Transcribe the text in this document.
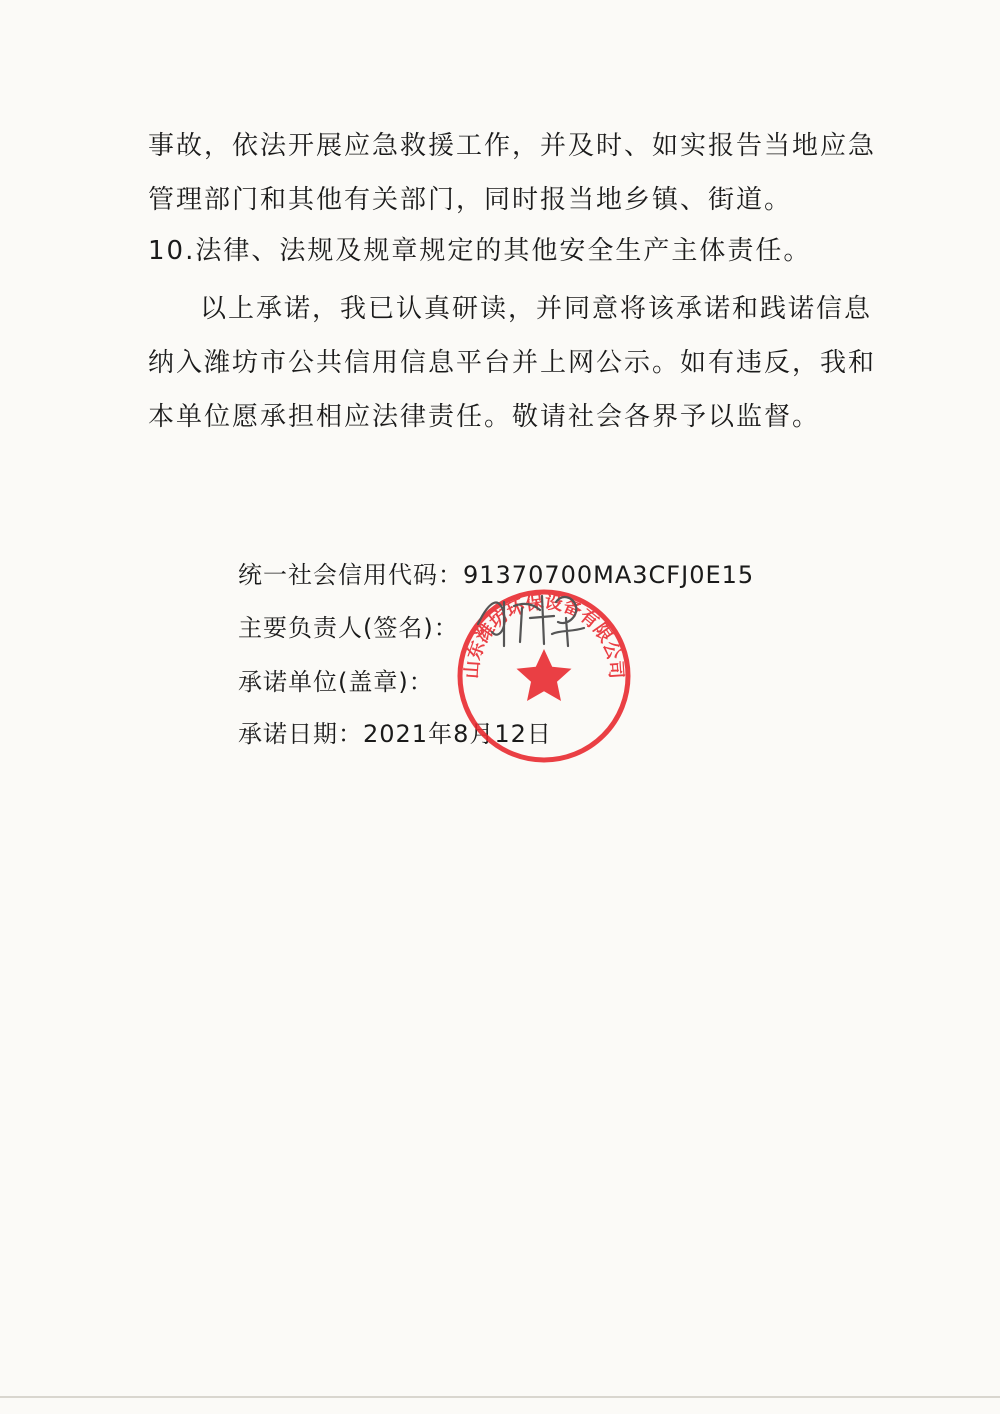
事故，依法开展应急救援工作，并及时、如实报告当地应急
管理部门和其他有关部门，同时报当地乡镇、街道。
10.法律、法规及规章规定的其他安全生产主体责任。
以上承诺，我已认真研读，并同意将该承诺和践诺信息
纳入潍坊市公共信用信息平台并上网公示。如有违反，我和
本单位愿承担相应法律责任。敬请社会各界予以监督。
统一社会信用代码：91370700MA3CFJ0E15
主要负责人(签名)：
承诺单位(盖章)：
承诺日期：2021年8月12日
山东潍坊环保设备有限公司
